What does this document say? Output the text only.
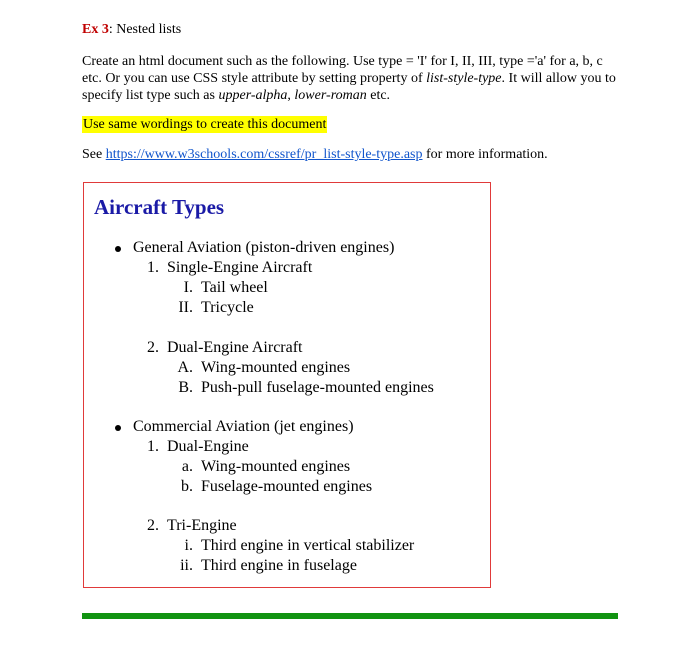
Ex 3: Nested lists

Create an html document such as the following. Use type = 'I' for I, II, III, type ='a' for a, b, c etc. Or you can use CSS style attribute by setting property of list-style-type. It will allow you to specify list type such as upper-alpha, lower-roman etc.

Use same wordings to create this document

See https://www.w3schools.com/cssref/pr_list-style-type.asp for more information.

Aircraft Types
General Aviation (piston-driven engines)
1. Single-Engine Aircraft
I. Tail wheel
II. Tricycle
2. Dual-Engine Aircraft
A. Wing-mounted engines
B. Push-pull fuselage-mounted engines
Commercial Aviation (jet engines)
1. Dual-Engine
a. Wing-mounted engines
b. Fuselage-mounted engines
2. Tri-Engine
i. Third engine in vertical stabilizer
ii. Third engine in fuselage
